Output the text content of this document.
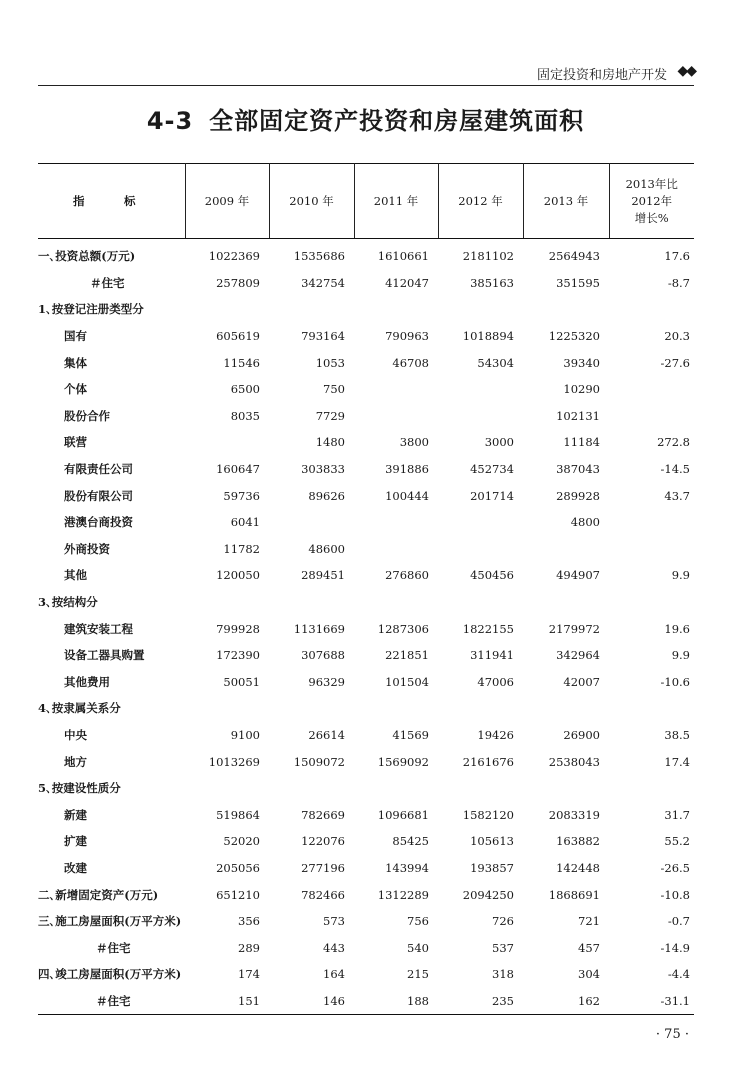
固定投资和房地产开发 ◆◆
4-3 全部固定资产投资和房屋建筑面积
指　标	2009 年	2010 年	2011 年	2012 年	2013 年	2013年比2012年
增长%
一､投资总额(万元)	1022369	1535686	1610661	2181102	2564943	17.6
＃住宅	257809	342754	412047	385163	351595	-8.7
1､按登记注册类型分						
国有	605619	793164	790963	1018894	1225320	20.3
集体	11546	1053	46708	54304	39340	-27.6
个体	6500	750			10290	
股份合作	8035	7729			102131	
联营		1480	3800	3000	11184	272.8
有限责任公司	160647	303833	391886	452734	387043	-14.5
股份有限公司	59736	89626	100444	201714	289928	43.7
港澳台商投资	6041				4800	
外商投资	11782	48600				
其他	120050	289451	276860	450456	494907	9.9
3､按结构分						
建筑安装工程	799928	1131669	1287306	1822155	2179972	19.6
设备工器具购置	172390	307688	221851	311941	342964	9.9
其他费用	50051	96329	101504	47006	42007	-10.6
4､按隶属关系分						
中央	9100	26614	41569	19426	26900	38.5
地方	1013269	1509072	1569092	2161676	2538043	17.4
5､按建设性质分						
新建	519864	782669	1096681	1582120	2083319	31.7
扩建	52020	122076	85425	105613	163882	55.2
改建	205056	277196	143994	193857	142448	-26.5
二､新增固定资产(万元)	651210	782466	1312289	2094250	1868691	-10.8
三､施工房屋面积(万平方米)	356	573	756	726	721	-0.7
＃住宅	289	443	540	537	457	-14.9
四､竣工房屋面积(万平方米)	174	164	215	318	304	-4.4
＃住宅	151	146	188	235	162	-31.1
· 75 ·
